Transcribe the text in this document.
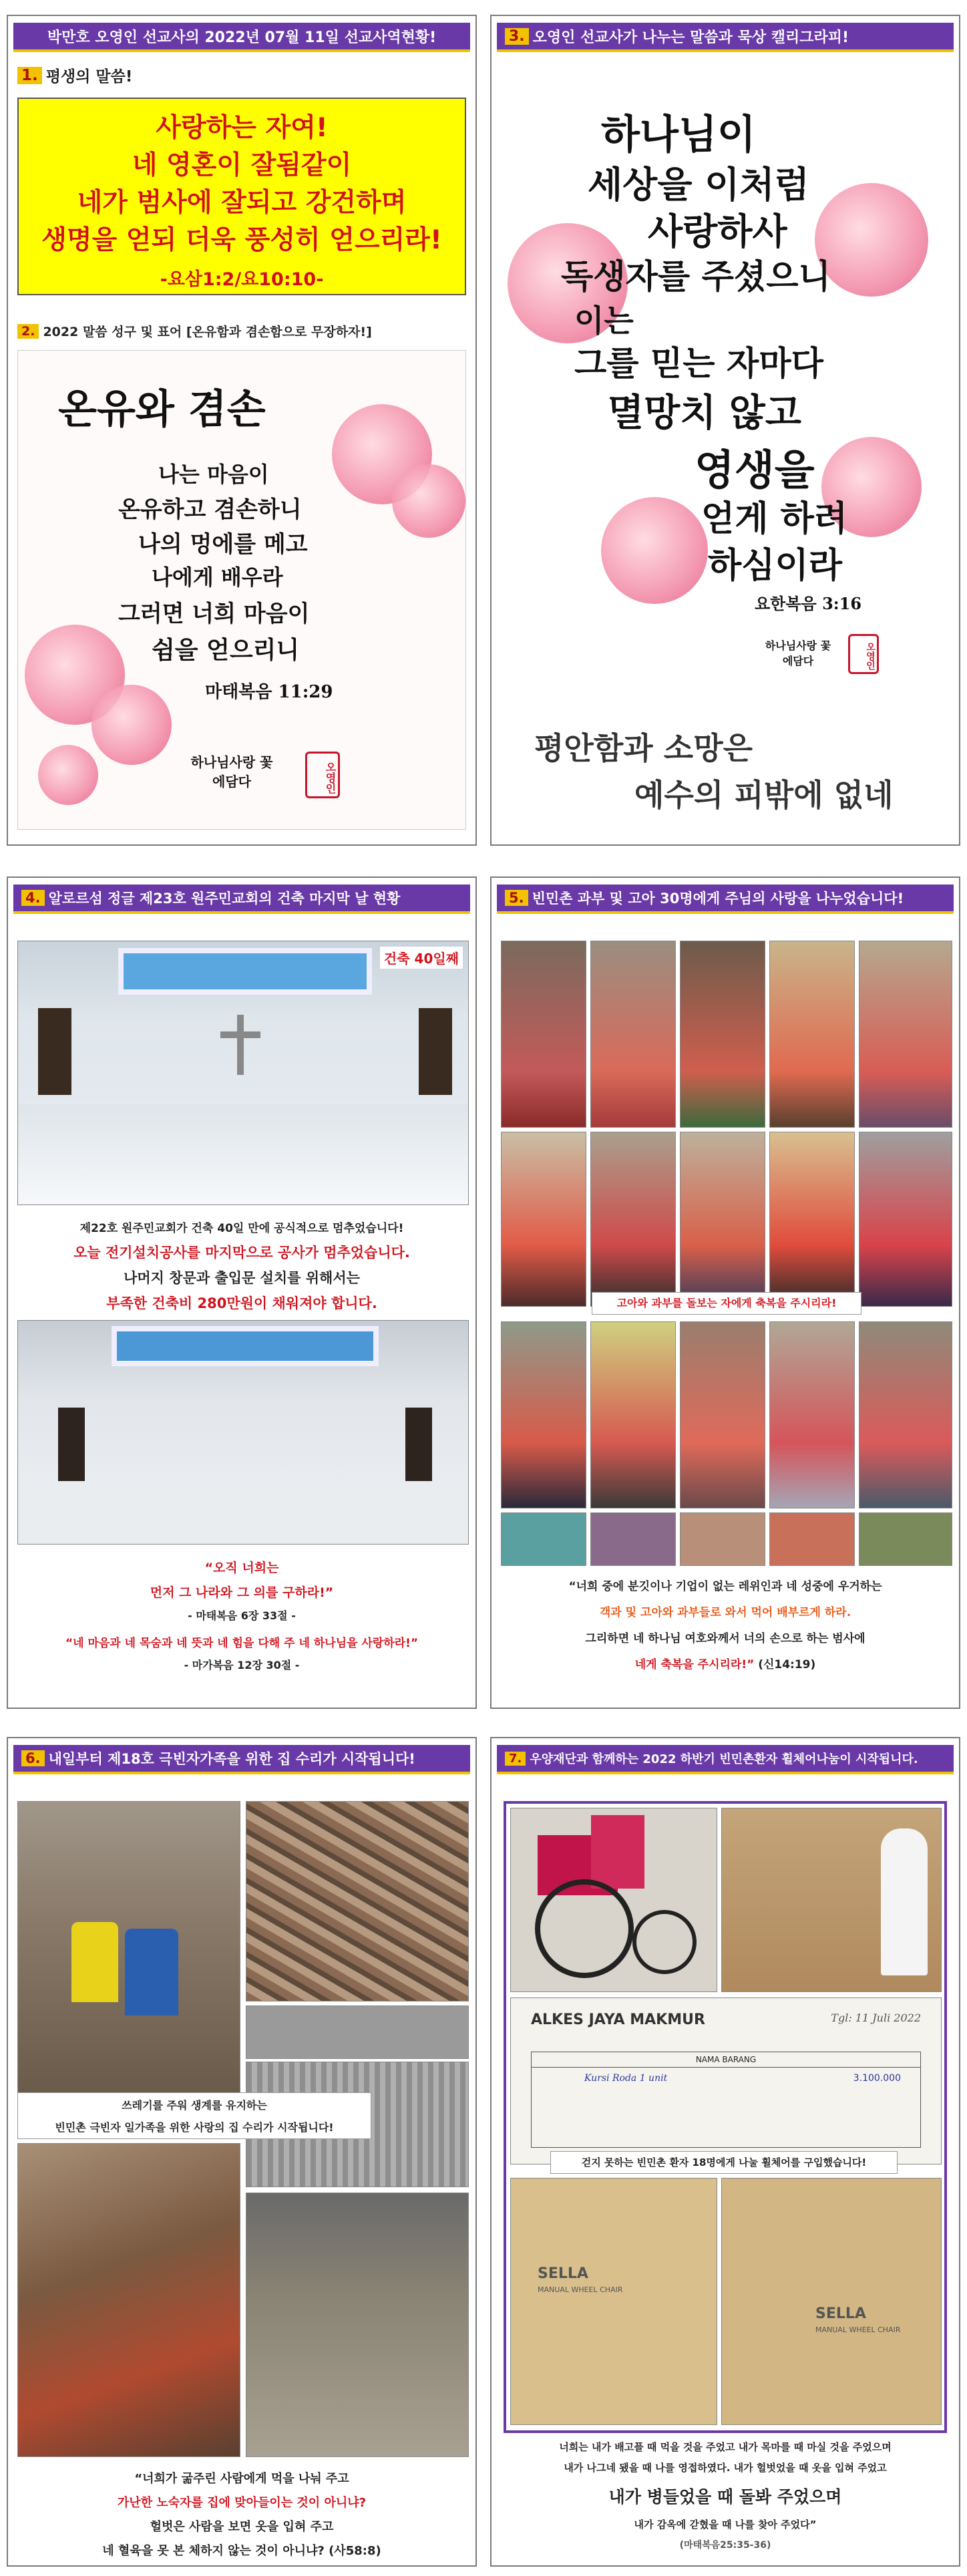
박만호 오영인 선교사의 2022년 07월 11일 선교사역현황!
1. 평생의 말씀!
사랑하는 자여!
네 영혼이 잘됨같이
네가 범사에 잘되고 강건하며
생명을 얻되 더욱 풍성히 얻으리라!
-요삼1:2/요10:10-
2. 2022 말씀 성구 및 표어 [온유함과 겸손함으로 무장하자!]
온유와 겸손
나는 마음이
온유하고 겸손하니
나의 멍에를 메고
나에게 배우라
그러면 너희 마음이
쉼을 얻으리니
마태복음 11:29
하나님사랑 꽃에담다	오영인
3. 오영인 선교사가 나누는 말씀과 묵상 캘리그라피!
하나님이
세상을 이처럼
사랑하사
독생자를 주셨으니
이는
그를 믿는 자마다
멸망치 않고
영생을
얻게 하려
하심이라
요한복음 3:16
하나님사랑 꽃에담다	오영인
평안함과 소망은
예수의 피밖에 없네
4. 알로르섬 정글 제23호 원주민교회의 건축 마지막 날 현황
건축 40일째
제22호 원주민교회가 건축 40일 만에 공식적으로 멈추었습니다!
오늘 전기설치공사를 마지막으로 공사가 멈추었습니다.
나머지 창문과 출입문 설치를 위해서는
부족한 건축비 280만원이 채워져야 합니다.
“오직 너희는
먼저 그 나라와 그 의를 구하라!”
- 마태복음 6장 33절 -
“네 마음과 네 목숨과 네 뜻과 네 힘을 다해 주 네 하나님을 사랑하라!”
- 마가복음 12장 30절 -
5. 빈민촌 과부 및 고아 30명에게 주님의 사랑을 나누었습니다!
고아와 과부를 돌보는 자에게 축복을 주시리라!
“너희 중에 분깃이나 기업이 없는 레위인과 네 성중에 우거하는
객과 및 고아와 과부들로 와서 먹어 배부르게 하라.
그리하면 네 하나님 여호와께서 너의 손으로 하는 범사에
네게 축복을 주시리라!” (신14:19)
6. 내일부터 제18호 극빈자가족을 위한 집 수리가 시작됩니다!
쓰레기를 주워 생계를 유지하는
빈민촌 극빈자 일가족을 위한 사랑의 집 수리가 시작됩니다!
“너희가 굶주린 사람에게 먹을 나눠 주고
가난한 노숙자를 집에 맞아들이는 것이 아니냐?
헐벗은 사람을 보면 옷을 입혀 주고
네 혈육을 못 본 체하지 않는 것이 아니냐? (사58:8)
7. 우양재단과 함께하는 2022 하반기 빈민촌환자 휠체어나눔이 시작됩니다.
ALKES JAYA MAKMUR	Tgl: 11 Juli 2022
NAMA BARANG
Kursi Roda 1 unit	3.100.000
걷지 못하는 빈민촌 환자 18명에게 나눌 휠체어를 구입했습니다!
SELLA
MANUAL WHEEL CHAIR
SELLA
MANUAL WHEEL CHAIR
너희는 내가 배고플 때 먹을 것을 주었고 내가 목마를 때 마실 것을 주었으며
내가 나그네 됐을 때 나를 영접하였다. 내가 헐벗었을 때 옷을 입혀 주었고
내가 병들었을 때 돌봐 주었으며
내가 감옥에 갇혔을 때 나를 찾아 주었다”
(마태복음25:35-36)
